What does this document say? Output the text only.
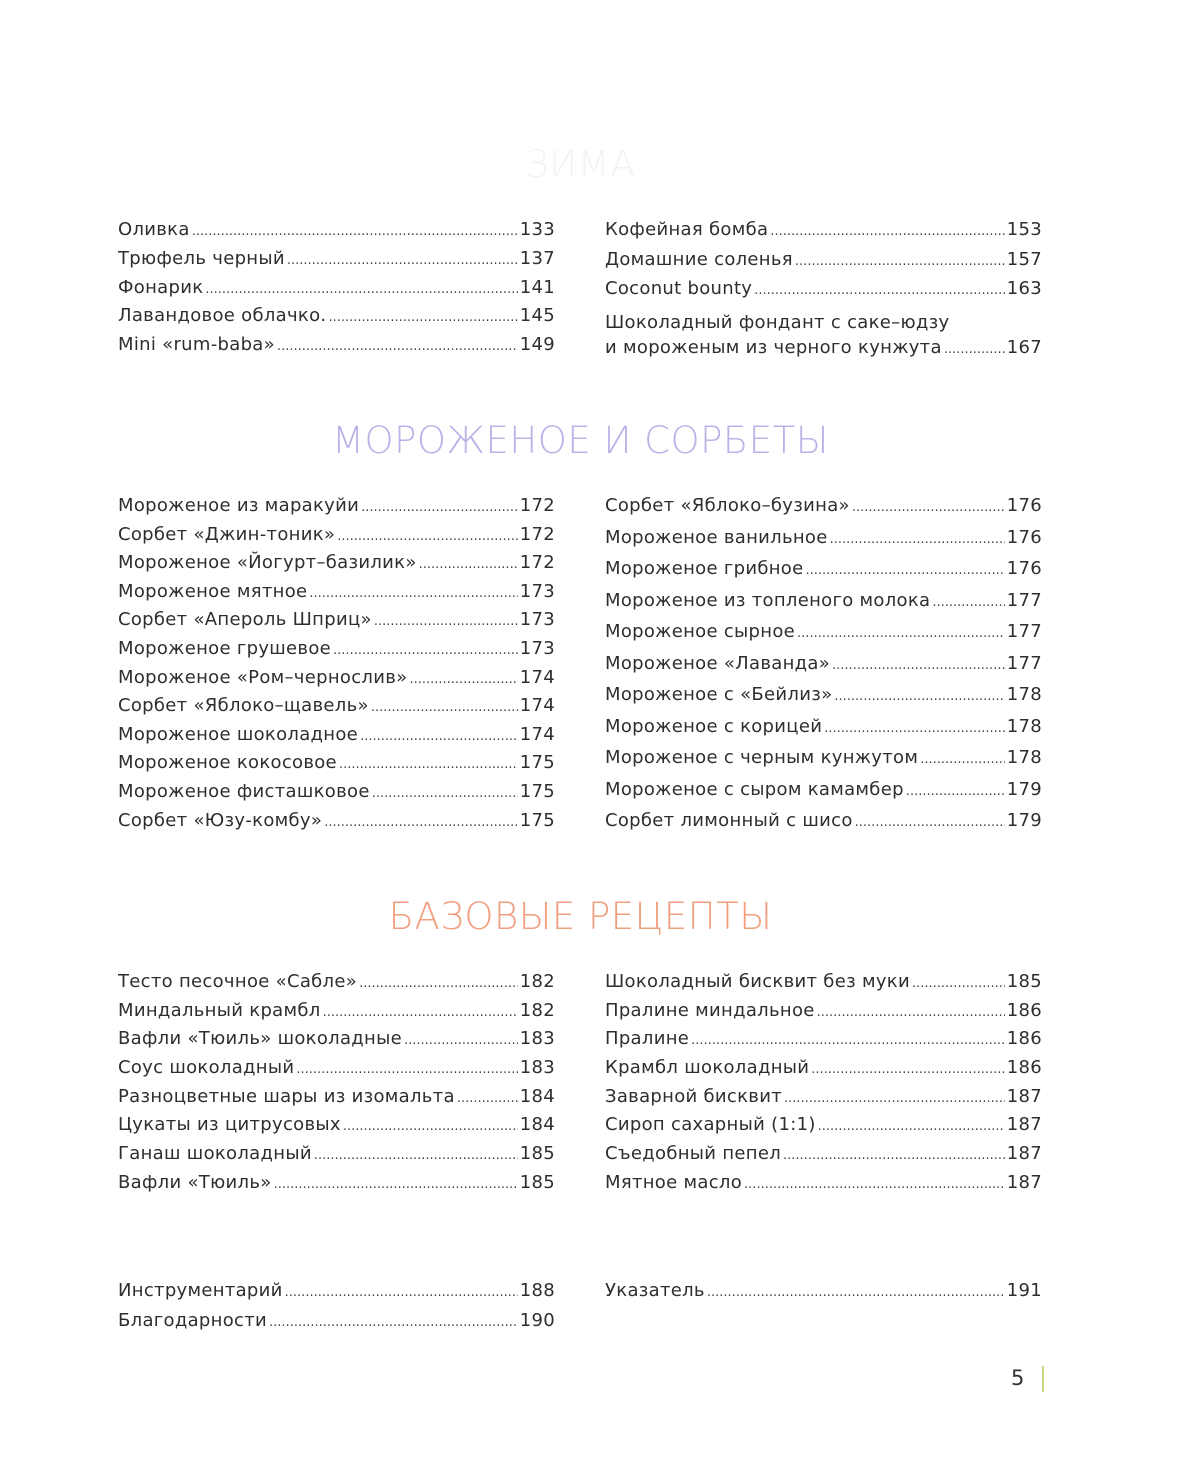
ЗИМА
Оливка .....	133
Трюфель черный .....	137
Фонарик .....	141
Лавандовое облачко. .....	145
Mini «rum-baba» .....	149
Кофейная бомба .....	153
Домашние соленья .....	157
Coconut bounty .....	163
Шоколадный фондант с саке–юдзу
и мороженым из черного кунжута .....	167
МОРОЖЕНОЕ И СОРБЕТЫ
Мороженое из маракуйи .....	172
Сорбет «Джин-тоник» .....	172
Мороженое «Йогурт–базилик» .....	172
Мороженое мятное .....	173
Сорбет «Апероль Шприц» .....	173
Мороженое грушевое .....	173
Мороженое «Ром–чернослив» .....	174
Сорбет «Яблоко–щавель» .....	174
Мороженое шоколадное .....	174
Мороженое кокосовое .....	175
Мороженое фисташковое .....	175
Сорбет «Юзу-комбу» .....	175
Сорбет «Яблоко–бузина» .....	176
Мороженое ванильное .....	176
Мороженое грибное .....	176
Мороженое из топленого молока .....	177
Мороженое сырное .....	177
Мороженое «Лаванда» .....	177
Мороженое с «Бейлиз» .....	178
Мороженое с корицей .....	178
Мороженое с черным кунжутом .....	178
Мороженое с сыром камамбер .....	179
Сорбет лимонный с шисо .....	179
БАЗОВЫЕ РЕЦЕПТЫ
Тесто песочное «Сабле» .....	182
Миндальный крамбл .....	182
Вафли «Тюиль» шоколадные .....	183
Соус шоколадный .....	183
Разноцветные шары из изомальта .....	184
Цукаты из цитрусовых .....	184
Ганаш шоколадный .....	185
Вафли «Тюиль» .....	185
Шоколадный бисквит без муки .....	185
Пралине миндальное .....	186
Пралине .....	186
Крамбл шоколадный .....	186
Заварной бисквит .....	187
Сироп сахарный (1:1) .....	187
Съедобный пепел .....	187
Мятное масло .....	187
Инструментарий .....	188
Благодарности .....	190
Указатель .....	191
5
